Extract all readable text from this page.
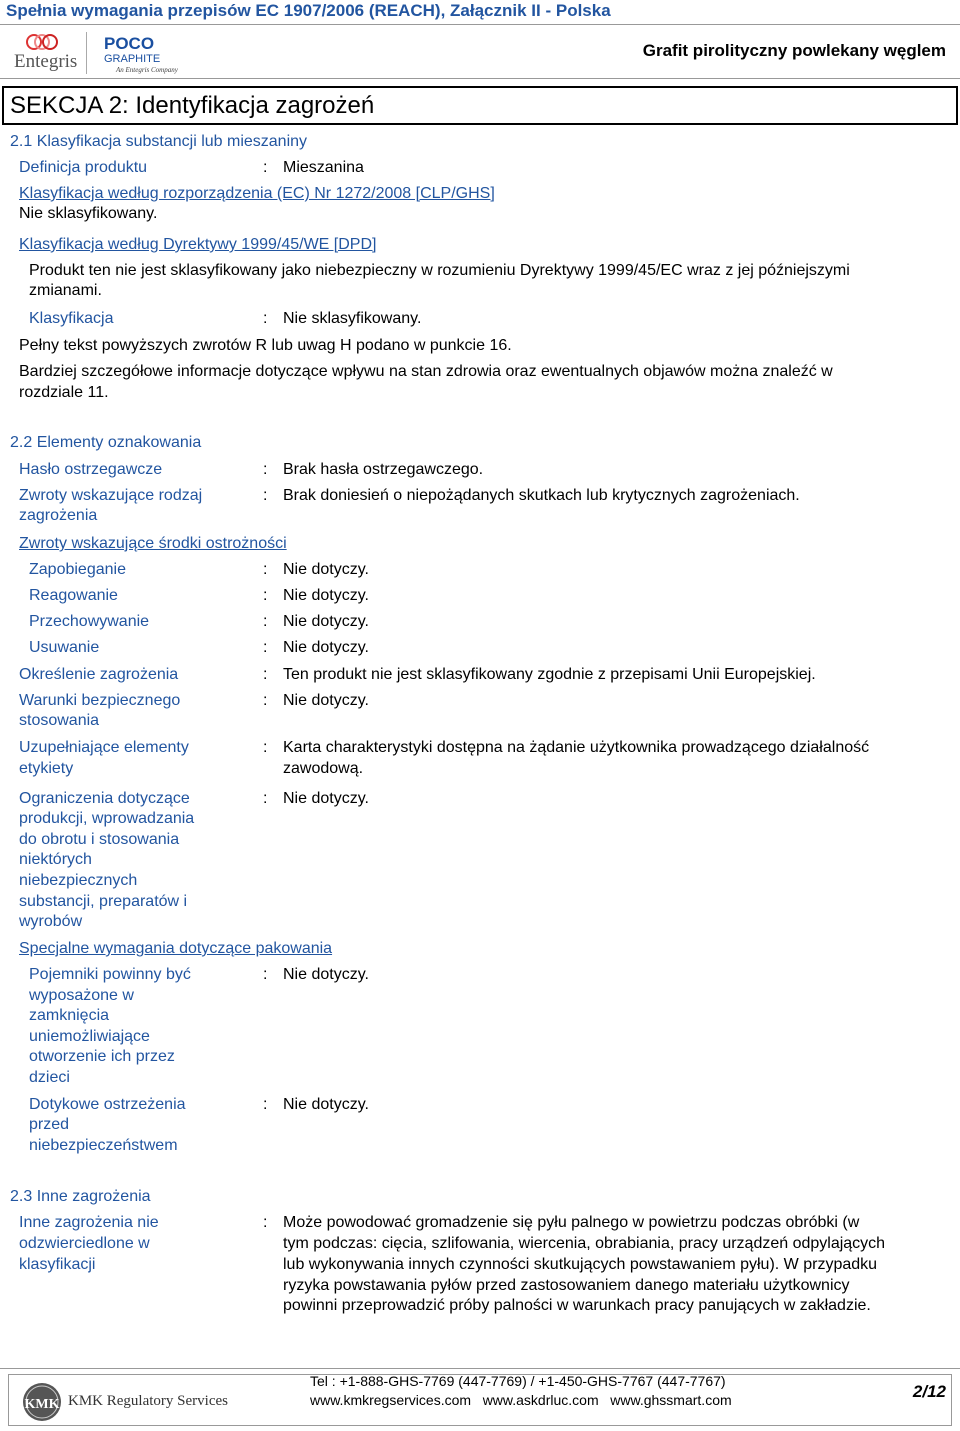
Spełnia wymagania przepisów EC 1907/2006 (REACH), Załącznik II - Polska
Entegris
POCO
GRAPHITE
An Entegris Company
Grafit pirolityczny powlekany węglem
SEKCJA 2: Identyfikacja zagrożeń
2.1 Klasyfikacja substancji lub mieszaniny
Definicja produktu	: Mieszanina
Klasyfikacja według rozporządzenia (EC) Nr 1272/2008 [CLP/GHS]
Nie sklasyfikowany.
Klasyfikacja według Dyrektywy 1999/45/WE [DPD]
Produkt ten nie jest sklasyfikowany jako niebezpieczny w rozumieniu Dyrektywy 1999/45/EC wraz z jej późniejszymi
zmianami.
Klasyfikacja	: Nie sklasyfikowany.
Pełny tekst powyższych zwrotów R lub uwag H podano w punkcie 16.
Bardziej szczegółowe informacje dotyczące wpływu na stan zdrowia oraz ewentualnych objawów można znaleźć w
rozdziale 11.
2.2 Elementy oznakowania
Hasło ostrzegawcze	: Brak hasła ostrzegawczego.
Zwroty wskazujące rodzaj
zagrożenia
: Brak doniesień o niepożądanych skutkach lub krytycznych zagrożeniach.
Zwroty wskazujące środki ostrożności
Zapobieganie	: Nie dotyczy.
Reagowanie	: Nie dotyczy.
Przechowywanie	: Nie dotyczy.
Usuwanie	: Nie dotyczy.
Określenie zagrożenia	: Ten produkt nie jest sklasyfikowany zgodnie z przepisami Unii Europejskiej.
Warunki bezpiecznego
stosowania
: Nie dotyczy.
Uzupełniające elementy
etykiety
: Karta charakterystyki dostępna na żądanie użytkownika prowadzącego działalność
zawodową.
Ograniczenia dotyczące
produkcji, wprowadzania
do obrotu i stosowania
niektórych
niebezpiecznych
substancji, preparatów i
wyrobów
: Nie dotyczy.
Specjalne wymagania dotyczące pakowania
Pojemniki powinny być
wyposażone w
zamknięcia
uniemożliwiające
otworzenie ich przez
dzieci
: Nie dotyczy.
Dotykowe ostrzeżenia
przed
niebezpieczeństwem
: Nie dotyczy.
2.3 Inne zagrożenia
Inne zagrożenia nie
odzwierciedlone w
klasyfikacji
: Może powodować gromadzenie się pyłu palnego w powietrzu podczas obróbki (w
tym podczas: cięcia, szlifowania, wiercenia, obrabiania, pracy urządzeń odpylających
lub wykonywania innych czynności skutkujących powstawaniem pyłu). W przypadku
ryzyka powstawania pyłów przed zastosowaniem danego materiału użytkownicy
powinni przeprowadzić próby palności w warunkach pracy panujących w zakładzie.
KMK KMK Regulatory Services
Tel : +1-888-GHS-7769 (447-7769) / +1-450-GHS-7767 (447-7767)
www.kmkregservices.com   www.askdrluc.com   www.ghssmart.com	2/12
